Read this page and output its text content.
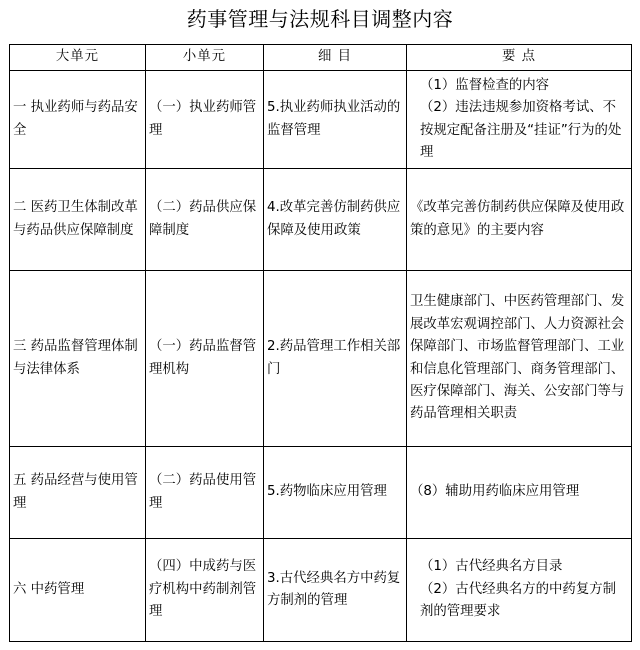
药事管理与法规科目调整内容
大单元	小单元	细 目	要 点
一 执业药师与药品安全	（一）执业药师管理	5.执业药师执业活动的监督管理	（1）监督检查的内容
（2）违法违规参加资格考试、不按规定配备注册及“挂证”行为的处理

二 医药卫生体制改革与药品供应保障制度	（二）药品供应保障制度	4.改革完善仿制药供应保障及使用政策	《改革完善仿制药供应保障及使用政策的意见》的主要内容

三 药品监督管理体制与法律体系	（一）药品监督管理机构	2.药品管理工作相关部门	卫生健康部门、中医药管理部门、发展改革宏观调控部门、人力资源社会保障部门、市场监督管理部门、工业和信息化管理部门、商务管理部门、医疗保障部门、海关、公安部门等与药品管理相关职责

五 药品经营与使用管理	（二）药品使用管理	5.药物临床应用管理	（8）辅助用药临床应用管理

六 中药管理	（四）中成药与医疗机构中药制剂管理	3.古代经典名方中药复方制剂的管理	（1）古代经典名方目录
（2）古代经典名方的中药复方制剂的管理要求
